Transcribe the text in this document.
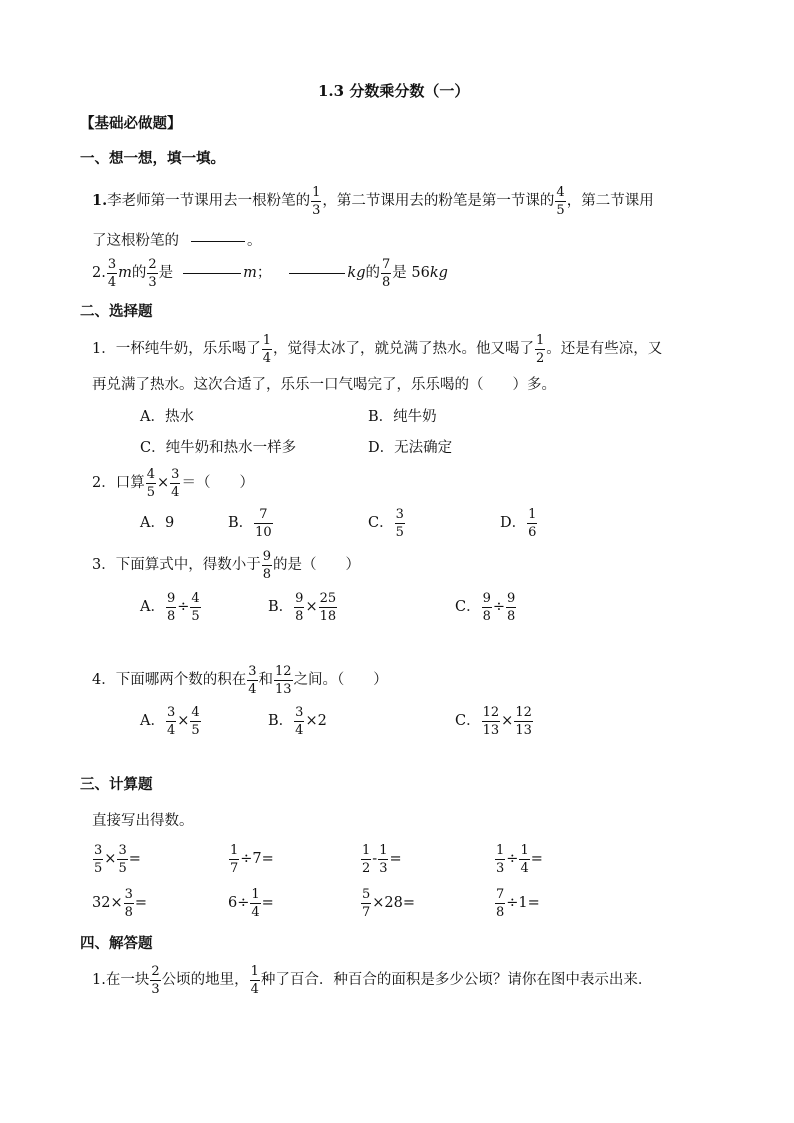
1.3 分数乘分数（一）
【基础必做题】
一、想一想，填一填。
1. 李老师第一节课用去一根粉笔的 $\frac{1}{3}$ ，第二节课用去的粉笔是第一节课的 $\frac{4}{5}$ ，第二节课用
了这根粉笔的	。
2. $\frac{3}{4}$ m 的 $\frac{2}{3}$ 是	m ；	kg 的 $\frac{7}{8}$ 是 56 kg
二、选择题
1．一杯纯牛奶，乐乐喝了 $\frac{1}{4}$ ，觉得太冰了，就兑满了热水。他又喝了 $\frac{1}{2}$ 。还是有些凉，又
再兑满了热水。这次合适了，乐乐一口气喝完了，乐乐喝的（　　）多。
A．热水	B．纯牛奶
C．纯牛奶和热水一样多	D．无法确定
2．口算 $\frac{4}{5} \times \frac{3}{4}$ ＝（　　）
A．9	B． $\frac{7}{10}$	C． $\frac{3}{5}$	D． $\frac{1}{6}$
3．下面算式中，得数小于 $\frac{9}{8}$ 的是（　　）
A． $\frac{9}{8} \div \frac{4}{5}$	B． $\frac{9}{8} \times \frac{25}{18}$	C． $\frac{9}{8} \div \frac{9}{8}$
4．下面哪两个数的积在 $\frac{3}{4}$ 和 $\frac{12}{13}$ 之间。（　　）
A． $\frac{3}{4} \times \frac{4}{5}$	B． $\frac{3}{4} \times 2$	C． $\frac{12}{13} \times \frac{12}{13}$
三、计算题
直接写出得数。
$\frac{3}{5} \times \frac{3}{5}$ =	$\frac{1}{7} \div 7=$	$\frac{1}{2} - \frac{1}{3}$ =	$\frac{1}{3} \div \frac{1}{4}$ =
$32\times \frac{3}{8}$ =	$6\div \frac{1}{4}$ =	$\frac{5}{7} \times 28=$	$\frac{7}{8} \div 1=$
四、解答题
1.在一块 $\frac{2}{3}$ 公顷的地里， $\frac{1}{4}$ 种了百合．种百合的面积是多少公顷？请你在图中表示出来．
